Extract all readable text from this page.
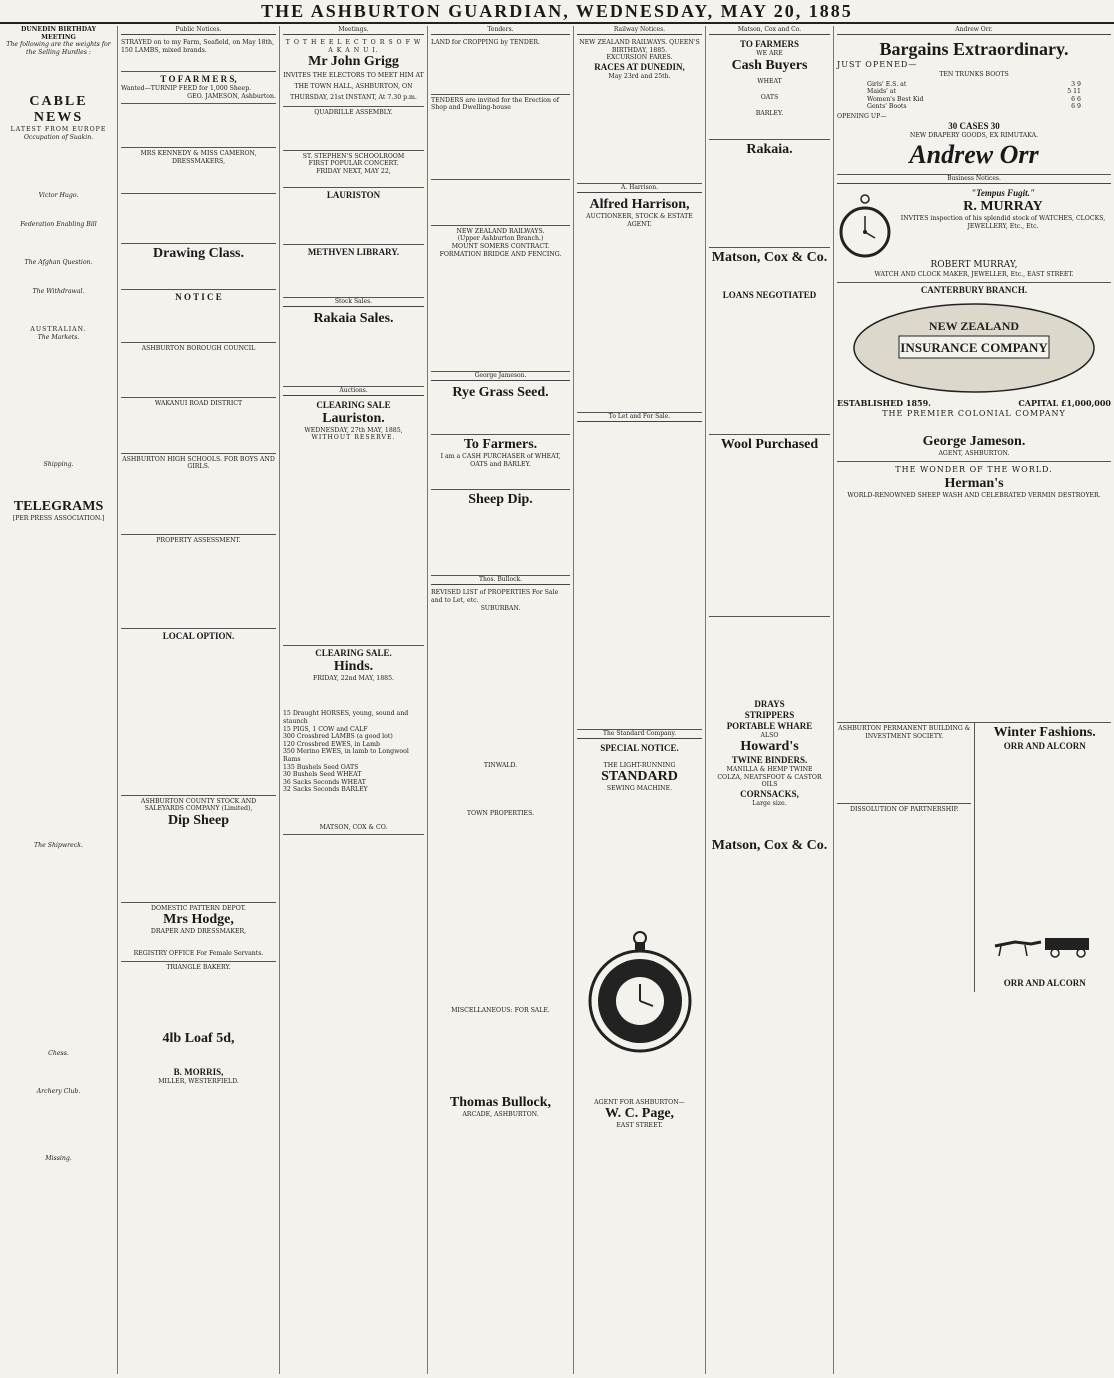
THE ASHBURTON GUARDIAN, WEDNESDAY, MAY 20, 1885
DUNEDIN BIRTHDAY MEETING
The following are the weights for the Selling Hurdles :
CABLE NEWS
LATEST FROM EUROPE
Occupation of Suakin.
Victor Hugo.
Federation Enabling Bill
The Afghan Question.
The Withdrawal.
AUSTRALIAN.
The Markets.
Shipping.
TELEGRAMS
[PER PRESS ASSOCIATION.]
The Shipwreck.
Chess.
Archery Club.
Missing.
Public Notices.
STRAYED on to my Farm, Seafield, on May 18th, 150 LAMBS, mixed brands.
T O F A R M E R S,
Wanted—TURNIP FEED for 1,000 Sheep.
GEO. JAMESON, Ashburton.
MRS KENNEDY & MISS CAMERON, DRESSMAKERS,
Drawing Class.
N O T I C E
ASHBURTON BOROUGH COUNCIL
WAKANUI ROAD DISTRICT
ASHBURTON HIGH SCHOOLS. FOR BOYS AND GIRLS.
PROPERTY ASSESSMENT.
LOCAL OPTION.
ASHBURTON COUNTY STOCK AND SALEYARDS COMPANY (Limited),
Dip Sheep
DOMESTIC PATTERN DEPOT.
Mrs Hodge,
DRAPER AND DRESSMAKER,
REGISTRY OFFICE For Female Servants.
TRIANGLE BAKERY.
4lb Loaf 5d,
B. MORRIS,
MILLER, WESTERFIELD.
Meetings.
T O T H E E L E C T O R S O F W A K A N U I.
Mr John Grigg
INVITES THE ELECTORS TO MEET HIM AT THE TOWN HALL, ASHBURTON, ON THURSDAY, 21st INSTANT, At 7.30 p.m.
QUADRILLE ASSEMBLY.
ST. STEPHEN'S SCHOOLROOM
FIRST POPULAR CONCERT.
FRIDAY NEXT, MAY 22,
LAURISTON
METHVEN LIBRARY.
Stock Sales.
Rakaia Sales.
Auctions.
CLEARING SALE
Lauriston.
WEDNESDAY, 27th MAY, 1885,
WITHOUT RESERVE.
CLEARING SALE.
Hinds.
FRIDAY, 22nd MAY, 1885.
15 Draught HORSES, young, sound and staunch
15 PIGS, 1 COW and CALF
300 Crossbred LAMBS (a good lot)
120 Crossbred EWES, in Lamb
350 Merino EWES, in lamb to Longwool Rams
135 Bushels Seed OATS
30 Bushels Seed WHEAT
36 Sacks Seconds WHEAT
32 Sacks Seconds BARLEY
MATSON, COX & CO.
Tenders.
LAND for CROPPING by TENDER.
TENDERS are invited for the Erection of Shop and Dwelling-house
NEW ZEALAND RAILWAYS.
(Upper Ashburton Branch.)
MOUNT SOMERS CONTRACT.
FORMATION BRIDGE AND FENCING.
George Jameson.
Rye Grass Seed.
To Farmers.
I am a CASH PURCHASER of WHEAT, OATS and BARLEY.
Sheep Dip.
Thos. Bullock.
REVISED LIST of PROPERTIES For Sale and to Let, etc.
SUBURBAN.
TINWALD.
TOWN PROPERTIES.
MISCELLANEOUS: FOR SALE.
Thomas Bullock,
ARCADE, ASHBURTON.
Railway Notices.
NEW ZEALAND RAILWAYS. QUEEN'S BIRTHDAY, 1885.
EXCURSION FARES.
RACES AT DUNEDIN,
May 23rd and 25th.
A. Harrison.
Alfred Harrison,
AUCTIONEER, STOCK & ESTATE AGENT.
To Let and For Sale.
The Standard Company.
SPECIAL NOTICE.
THE LIGHT-RUNNING
STANDARD
SEWING MACHINE.
AGENT FOR ASHBURTON—
W. C. Page,
EAST STREET.
Matson, Cox and Co.
TO FARMERS
WE ARE
Cash Buyers
WHEAT
OATS
BARLEY.
Rakaia.
Matson, Cox & Co.
LOANS NEGOTIATED
Wool Purchased
DRAYS
STRIPPERS
PORTABLE WHARE
ALSO
Howard's
TWINE BINDERS.
MANILLA & HEMP TWINE
COLZA, NEATSFOOT & CASTOR OILS
CORNSACKS,
Large size.
Matson, Cox & Co.
Andrew Orr.
Bargains Extraordinary.
JUST OPENED—
TEN TRUNKS BOOTS
Girls' E.S. at	3 9
Maids' at	5 11
Women's Best Kid	6 6
Gents' Boots	6 9
OPENING UP—
30 CASES 30
NEW DRAPERY GOODS, EX RIMUTAKA.
Andrew Orr
Business Notices.
"Tempus Fugit."
R. MURRAY
INVITES inspection of his splendid stock of WATCHES, CLOCKS, JEWELLERY, Etc., Etc.
ROBERT MURRAY,
WATCH AND CLOCK MAKER, JEWELLER, Etc., EAST STREET.
CANTERBURY BRANCH.
NEW ZEALAND
INSURANCE COMPANY
ESTABLISHED 1859.	CAPITAL £1,000,000
THE PREMIER COLONIAL COMPANY
George Jameson.
AGENT, ASHBURTON.
THE WONDER OF THE WORLD.
Herman's
WORLD-RENOWNED SHEEP WASH AND CELEBRATED VERMIN DESTROYER.
ASHBURTON PERMANENT BUILDING & INVESTMENT SOCIETY.
DISSOLUTION OF PARTNERSHIP.
Winter Fashions.
ORR AND ALCORN
ORR AND ALCORN
